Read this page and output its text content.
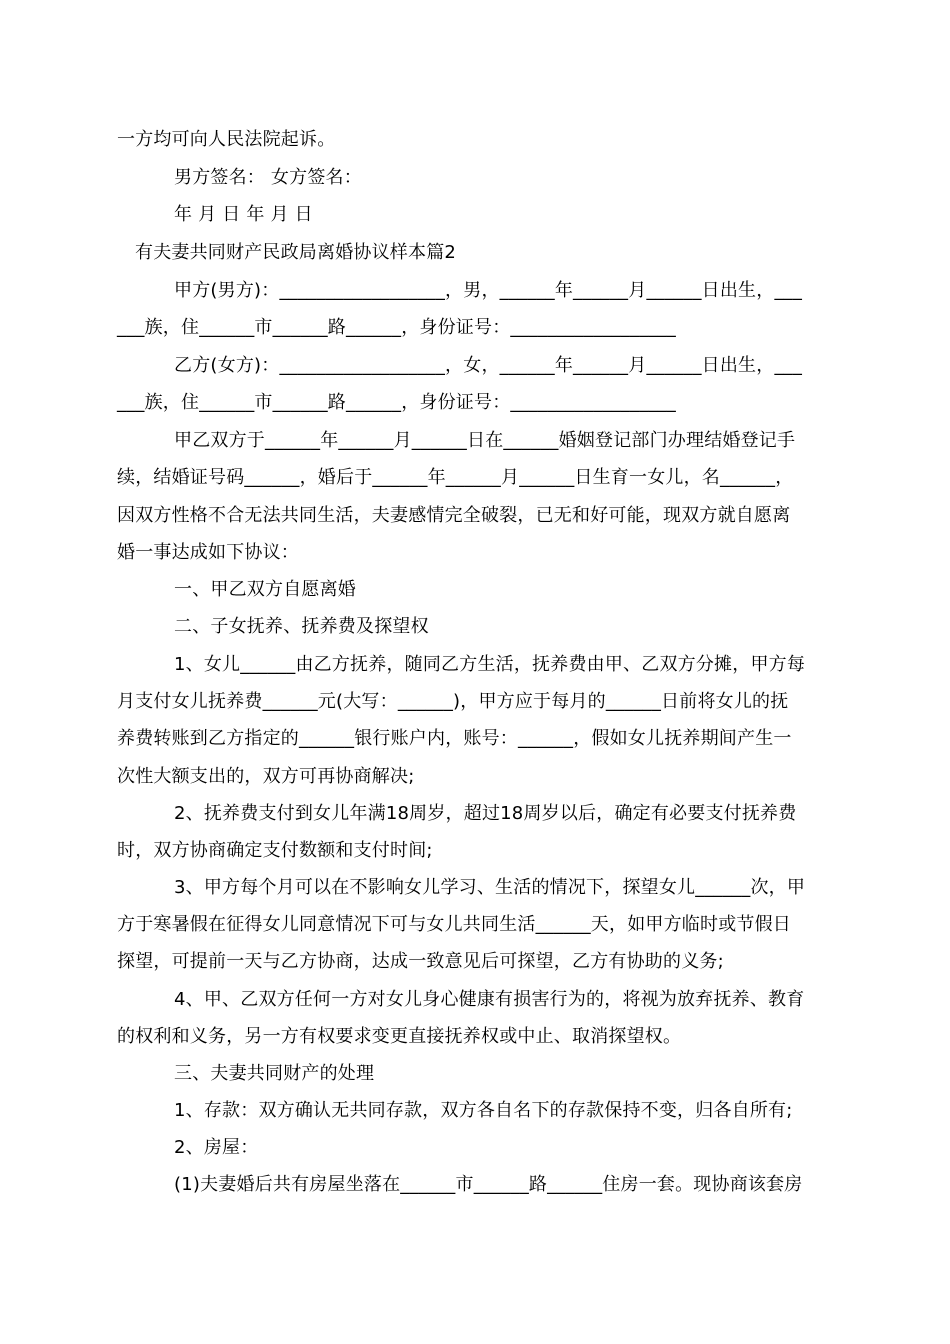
一方均可向人民法院起诉。
男方签名： 女方签名：
年 月 日 年 月 日
有夫妻共同财产民政局离婚协议样本篇2
甲方(男方)：__________________，男，______年______月______日出生，___
___族，住______市______路______，身份证号：__________________
乙方(女方)：__________________，女，______年______月______日出生，___
___族，住______市______路______，身份证号：__________________
甲乙双方于______年______月______日在______婚姻登记部门办理结婚登记手
续，结婚证号码______，婚后于______年______月______日生育一女儿，名______，
因双方性格不合无法共同生活，夫妻感情完全破裂，已无和好可能，现双方就自愿离
婚一事达成如下协议：
一、甲乙双方自愿离婚
二、子女抚养、抚养费及探望权
1、女儿______由乙方抚养，随同乙方生活，抚养费由甲、乙双方分摊，甲方每
月支付女儿抚养费______元(大写：______)，甲方应于每月的______日前将女儿的抚
养费转账到乙方指定的______银行账户内，账号：______，假如女儿抚养期间产生一
次性大额支出的，双方可再协商解决;
2、抚养费支付到女儿年满18周岁，超过18周岁以后，确定有必要支付抚养费
时，双方协商确定支付数额和支付时间;
3、甲方每个月可以在不影响女儿学习、生活的情况下，探望女儿______次，甲
方于寒暑假在征得女儿同意情况下可与女儿共同生活______天，如甲方临时或节假日
探望，可提前一天与乙方协商，达成一致意见后可探望，乙方有协助的义务;
4、甲、乙双方任何一方对女儿身心健康有损害行为的，将视为放弃抚养、教育
的权利和义务，另一方有权要求变更直接抚养权或中止、取消探望权。
三、夫妻共同财产的处理
1、存款：双方确认无共同存款，双方各自名下的存款保持不变，归各自所有;
2、房屋：
(1)夫妻婚后共有房屋坐落在______市______路______住房一套。现协商该套房
